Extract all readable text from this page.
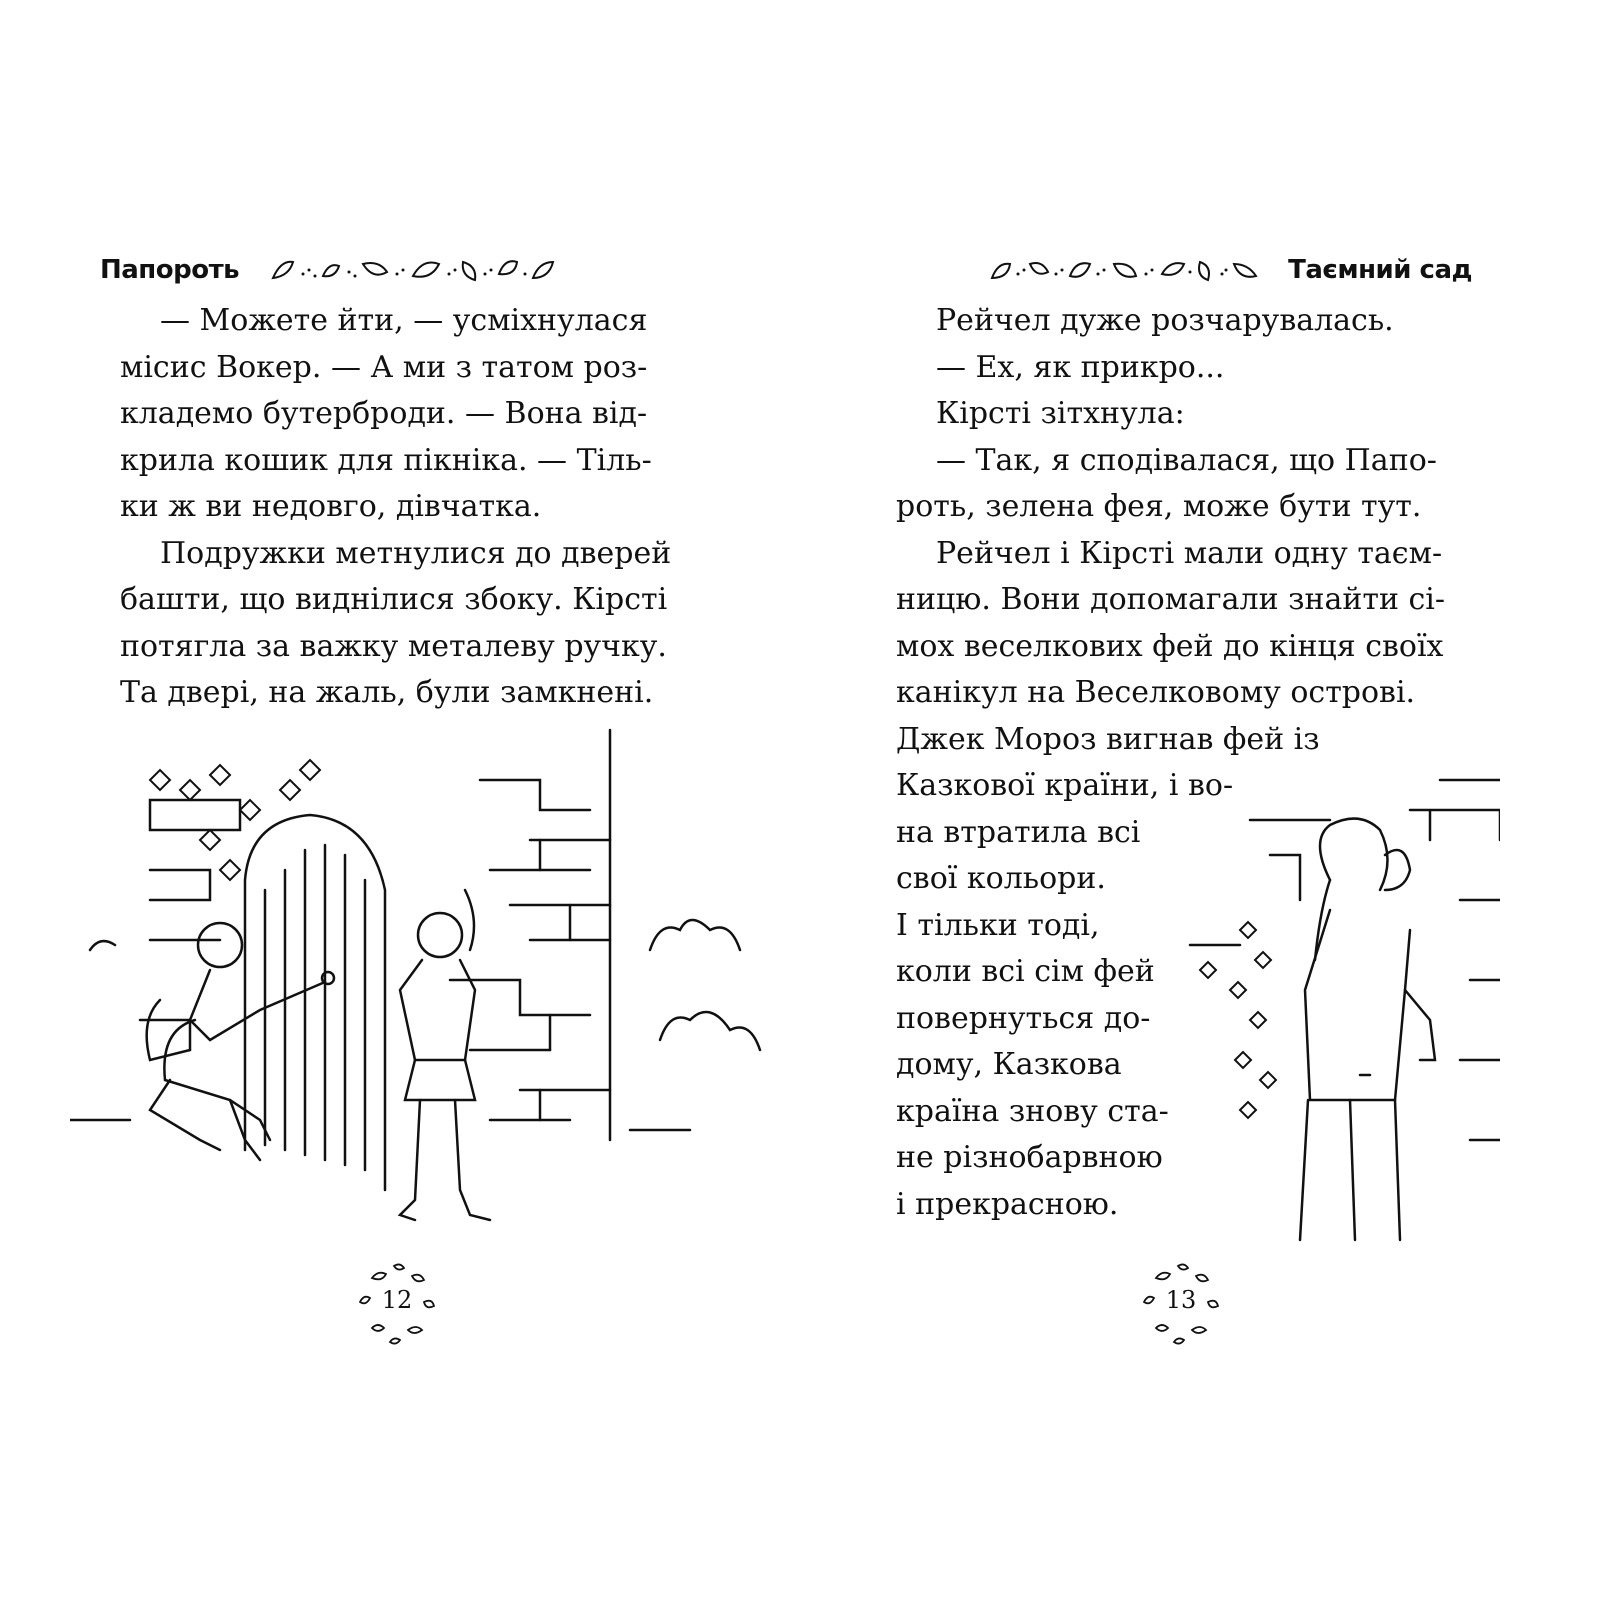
Папороть
— Можете йти, — усміхнулася
місис Вокер. — А ми з татом роз-
кладемо бутерброди. — Вона від-
крила кошик для пікніка. — Тіль-
ки ж ви недовго, дівчатка.
Подружки метнулися до дверей
башти, що виднілися збоку. Кірсті
потягла за важку металеву ручку.
Та двері, на жаль, були замкнені.
12
Таємний сад
Рейчел дуже розчарувалась.
— Ех, як прикро...
Кірсті зітхнула:
— Так, я сподівалася, що Папо-
роть, зелена фея, може бути тут.
Рейчел і Кірсті мали одну таєм-
ницю. Вони допомагали знайти сі-
мох веселкових фей до кінця своїх
канікул на Веселковому острові.
Джек Мороз вигнав фей із
Казкової країни, і во-
на втратила всі
свої кольори.
І тільки тоді,
коли всі сім фей
повернуться до-
дому, Казкова
країна знову ста-
не різнобарвною
і прекрасною.
13
